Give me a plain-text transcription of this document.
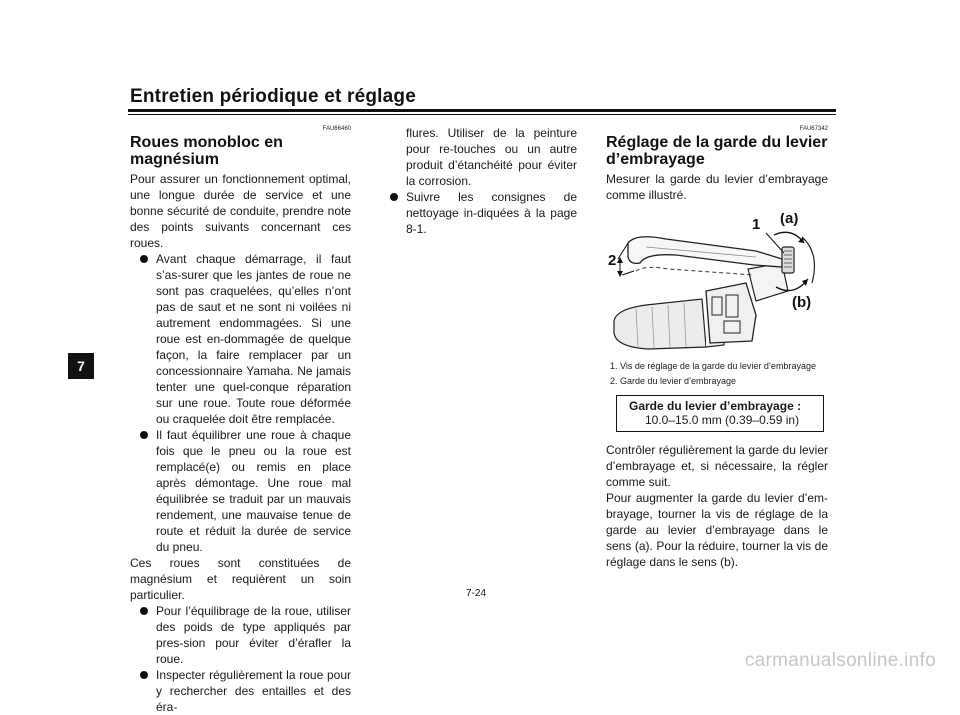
Entretien périodique et réglage
7
FAU66460
Roues monobloc en magnésium

Pour assurer un fonctionnement optimal, une longue durée de service et une bonne sécurité de conduite, prendre note des points suivants concernant ces roues.

Avant chaque démarrage, il faut s’as-surer que les jantes de roue ne sont pas craquelées, qu’elles n’ont pas de saut et ne sont ni voilées ni autrement endommagées. Si une roue est en-dommagée de quelque façon, la faire remplacer par un concessionnaire Yamaha. Ne jamais tenter une quel-conque réparation sur une roue. Toute roue déformée ou craquelée doit être remplacée.
Il faut équilibrer une roue à chaque fois que le pneu ou la roue est remplacé(e) ou remis en place après démontage. Une roue mal équilibrée se traduit par un mauvais rendement, une mauvaise tenue de route et réduit la durée de service du pneu.

Ces roues sont constituées de magnésium et requièrent un soin particulier.

Pour l’équilibrage de la roue, utiliser des poids de type appliqués par pres-sion pour éviter d’érafler la roue.
Inspecter régulièrement la roue pour y rechercher des entailles et des éra-
flures. Utiliser de la peinture pour re-touches ou un autre produit d’étanchéité pour éviter la corrosion.
Suivre les consignes de nettoyage in-diquées à la page 8-1.
FAU67342
Réglage de la garde du levier d’embrayage

Mesurer la garde du levier d’embrayage comme illustré.

1 (a)
2
(b)
1. Vis de réglage de la garde du levier d’embrayage
2. Garde du levier d’embrayage
Garde du levier d’embrayage :
10.0–15.0 mm (0.39–0.59 in)

Contrôler régulièrement la garde du levier d’embrayage et, si nécessaire, la régler comme suit.

Pour augmenter la garde du levier d’em-brayage, tourner la vis de réglage de la garde au levier d’embrayage dans le sens (a). Pour la réduire, tourner la vis de réglage dans le sens (b).

7-24
carmanualsonline.info
